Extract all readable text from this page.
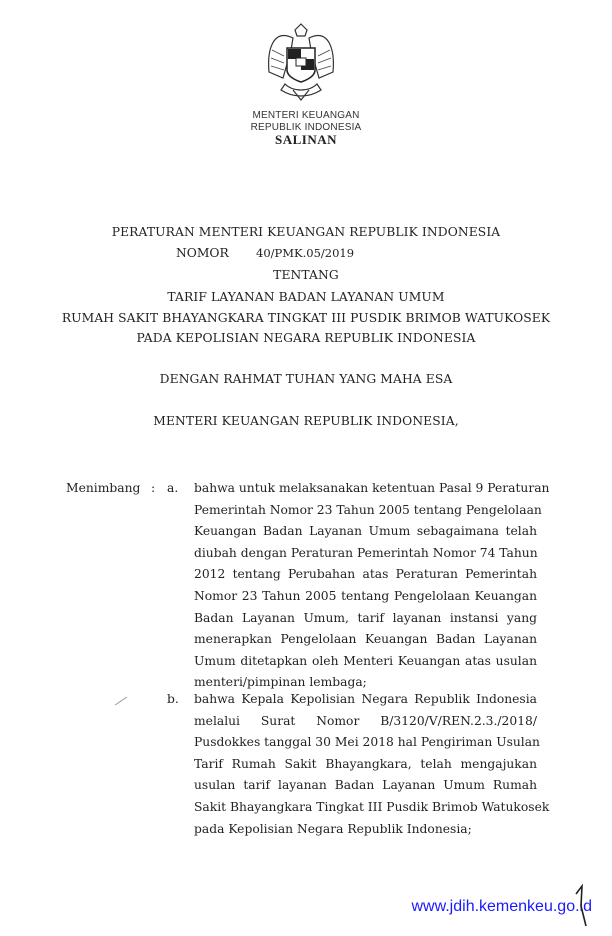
MENTERI KEUANGAN
REPUBLIK INDONESIA
SALINAN
PERATURAN MENTERI KEUANGAN REPUBLIK INDONESIA
NOMOR 40/PMK.05/2019
TENTANG
TARIF LAYANAN BADAN LAYANAN UMUM
RUMAH SAKIT BHAYANGKARA TINGKAT III PUSDIK BRIMOB WATUKOSEK
PADA KEPOLISIAN NEGARA REPUBLIK INDONESIA
DENGAN RAHMAT TUHAN YANG MAHA ESA
MENTERI KEUANGAN REPUBLIK INDONESIA,
Menimbang : a. bahwa untuk melaksanakan ketentuan Pasal 9 Peraturan
Pemerintah Nomor 23 Tahun 2005 tentang Pengelolaan
Keuangan Badan Layanan Umum sebagaimana telah
diubah dengan Peraturan Pemerintah Nomor 74 Tahun
2012 tentang Perubahan atas Peraturan Pemerintah
Nomor 23 Tahun 2005 tentang Pengelolaan Keuangan
Badan Layanan Umum, tarif layanan instansi yang
menerapkan Pengelolaan Keuangan Badan Layanan
Umum ditetapkan oleh Menteri Keuangan atas usulan
menteri/pimpinan lembaga;
b. bahwa Kepala Kepolisian Negara Republik Indonesia
melalui Surat Nomor B/3120/V/REN.2.3./2018/
Pusdokkes tanggal 30 Mei 2018 hal Pengiriman Usulan
Tarif Rumah Sakit Bhayangkara, telah mengajukan
usulan tarif layanan Badan Layanan Umum Rumah
Sakit Bhayangkara Tingkat III Pusdik Brimob Watukosek
pada Kepolisian Negara Republik Indonesia;
www.jdih.kemenkeu.go.id
